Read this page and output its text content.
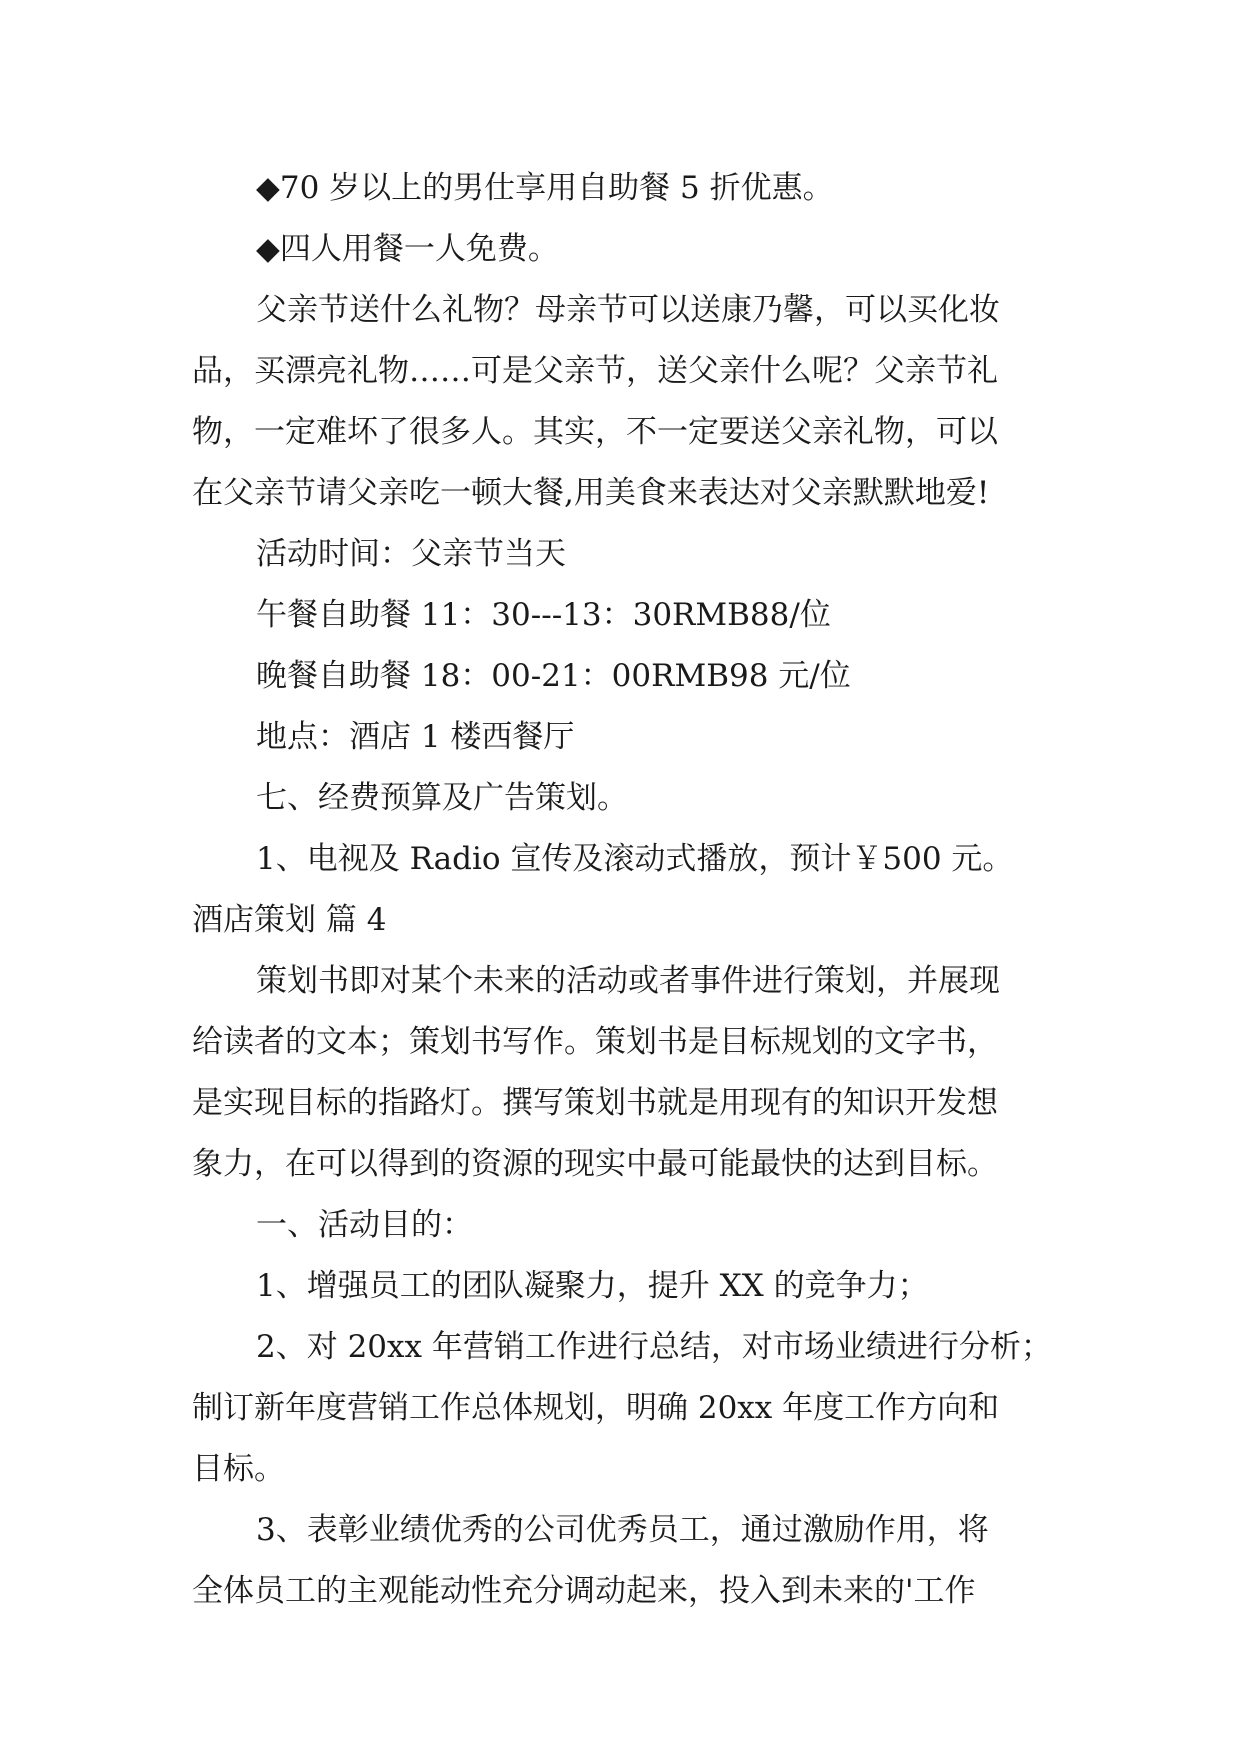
◆70 岁以上的男仕享用自助餐 5 折优惠。
◆四人用餐一人免费。
父亲节送什么礼物？母亲节可以送康乃馨，可以买化妆
品，买漂亮礼物……可是父亲节，送父亲什么呢？父亲节礼
物，一定难坏了很多人。其实，不一定要送父亲礼物，可以
在父亲节请父亲吃一顿大餐,用美食来表达对父亲默默地爱!
活动时间：父亲节当天
午餐自助餐 11：30---13：30RMB88/位
晚餐自助餐 18：00-21：00RMB98 元/位
地点：酒店 1 楼西餐厅
七、经费预算及广告策划。
1、电视及 Radio 宣传及滚动式播放，预计￥500 元。
酒店策划 篇 4
策划书即对某个未来的活动或者事件进行策划，并展现
给读者的文本；策划书写作。策划书是目标规划的文字书，
是实现目标的指路灯。撰写策划书就是用现有的知识开发想
象力，在可以得到的资源的现实中最可能最快的达到目标。
一、活动目的：
1、增强员工的团队凝聚力，提升 XX 的竞争力；
2、对 20xx 年营销工作进行总结，对市场业绩进行分析；
制订新年度营销工作总体规划，明确 20xx 年度工作方向和
目标。
3、表彰业绩优秀的公司优秀员工，通过激励作用，将
全体员工的主观能动性充分调动起来，投入到未来的'工作
